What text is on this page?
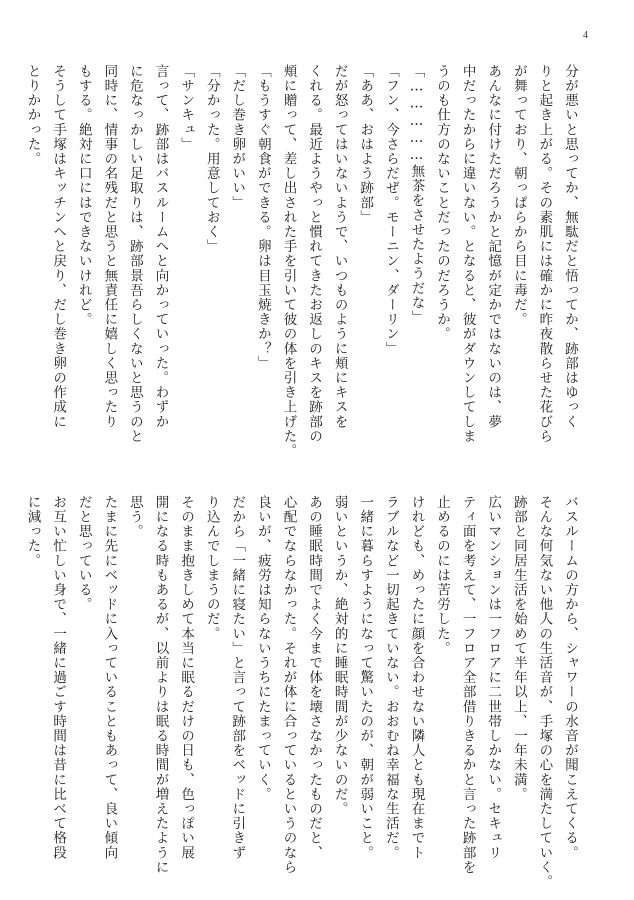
4
分が悪いと思ってか、無駄だと悟ってか、跡部はゆっく
りと起き上がる。その素肌には確かに昨夜散らせた花びら
が舞っており、朝っぱらから目に毒だ。
あんなに付けただろうかと記憶が定かではないのは、夢
中だったからに違いない。となると、彼がダウンしてしま
うのも仕方のないことだったのだろうか。
「……………無茶をさせたようだな」
「フン、今さらだぜ。モーニン、ダーリン」
「ああ、おはよう跡部」
だが怒ってはいないようで、いつものように頬にキスを
くれる。最近ようやっと慣れてきたお返しのキスを跡部の
頬に贈って、差し出された手を引いて彼の体を引き上げた。
「もうすぐ朝食ができる。卵は目玉焼きか？」
「だし巻き卵がいい」
「分かった。用意しておく」
「サンキュ」
言って、跡部はバスルームへと向かっていった。わずか
に危なっかしい足取りは、跡部景吾らしくないと思うのと
同時に、情事の名残だと思うと無責任に嬉しく思ったり
もする。絶対に口にはできないけれど。
そうして手塚はキッチンへと戻り、だし巻き卵の作成に
とりかかった。
バスルームの方から、シャワーの水音が聞こえてくる。
そんな何気ない他人の生活音が、手塚の心を満たしていく。
跡部と同居生活を始めて半年以上、一年未満。
広いマンションは一フロアに二世帯しかない。セキュリ
ティ面を考えて、一フロア全部借りきるかと言った跡部を
止めるのには苦労した。
けれども、めったに顔を合わせない隣人とも現在までト
ラブルなど一切起きていない。おおむね幸福な生活だ。
一緒に暮らすようになって驚いたのが、朝が弱いこと。
弱いというか、絶対的に睡眠時間が少ないのだ。
あの睡眠時間でよく今まで体を壊さなかったものだと、
心配でならなかった。それが体に合っているというのなら
良いが、疲労は知らないうちにたまっていく。
だから「一緒に寝たい」と言って跡部をベッドに引きず
り込んでしまうのだ。
そのまま抱きしめて本当に眠るだけの日も、色っぽい展
開になる時もあるが、以前よりは眠る時間が増えたように
思う。
たまに先にベッドに入っていることもあって、良い傾向
だと思っている。
お互い忙しい身で、一緒に過ごす時間は昔に比べて格段
に減った。
